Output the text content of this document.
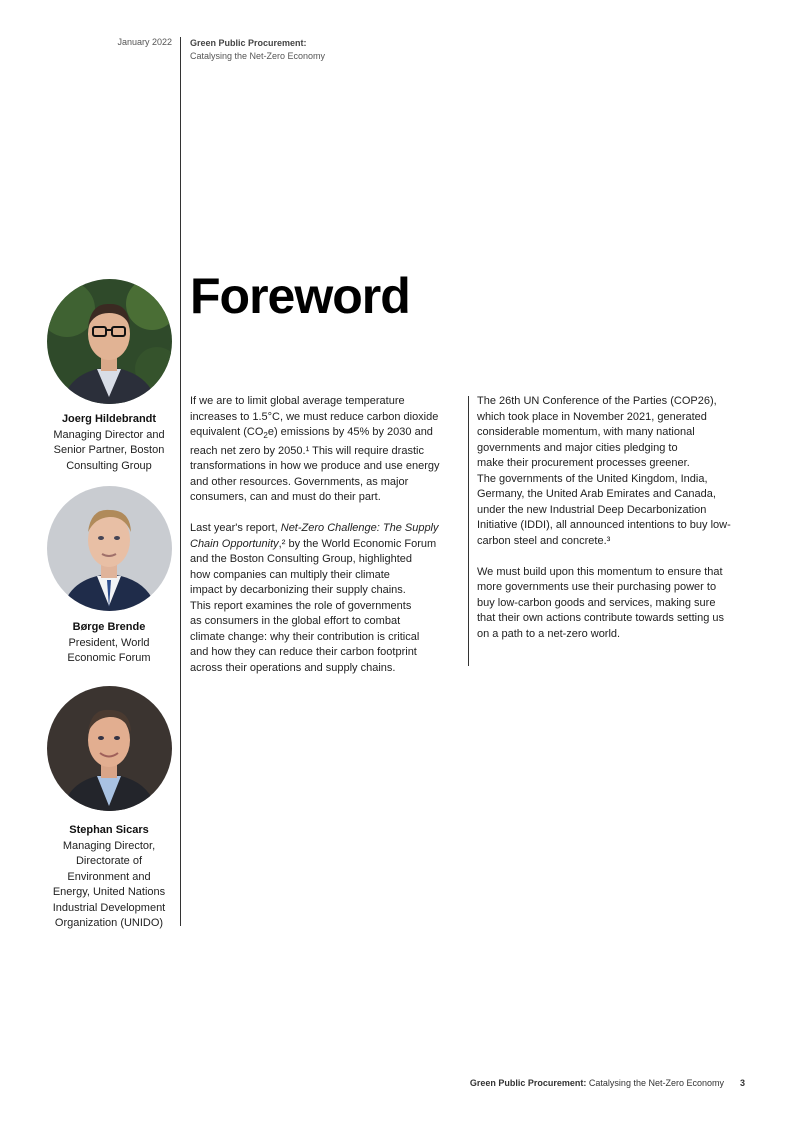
January 2022 Green Public Procurement:
Catalysing the Net-Zero Economy
Foreword
Joerg Hildebrandt
Managing Director and
Senior Partner, Boston
Consulting Group
Børge Brende
President, World
Economic Forum
Stephan Sicars
Managing Director,
Directorate of
Environment and
Energy, United Nations
Industrial Development
Organization (UNIDO)

If we are to limit global average temperature
increases to 1.5°C, we must reduce carbon dioxide
equivalent $(CO_2e)$ emissions by 45% by 2030 and
reach net zero by 2050.¹ This will require drastic
transformations in how we produce and use energy
and other resources. Governments, as major
consumers, can and must do their part.

Last year's report, Net-Zero Challenge: The Supply
Chain Opportunity,² by the World Economic Forum
and the Boston Consulting Group, highlighted
how companies can multiply their climate
impact by decarbonizing their supply chains.
This report examines the role of governments
as consumers in the global effort to combat
climate change: why their contribution is critical
and how they can reduce their carbon footprint
across their operations and supply chains.

The 26th UN Conference of the Parties (COP26),
which took place in November 2021, generated
considerable momentum, with many national
governments and major cities pledging to
make their procurement processes greener.
The governments of the United Kingdom, India,
Germany, the United Arab Emirates and Canada,
under the new Industrial Deep Decarbonization
Initiative (IDDI), all announced intentions to buy low-
carbon steel and concrete.³

We must build upon this momentum to ensure that
more governments use their purchasing power to
buy low-carbon goods and services, making sure
that their own actions contribute towards setting us
on a path to a net-zero world.

Green Public Procurement: Catalysing the Net-Zero Economy 3
